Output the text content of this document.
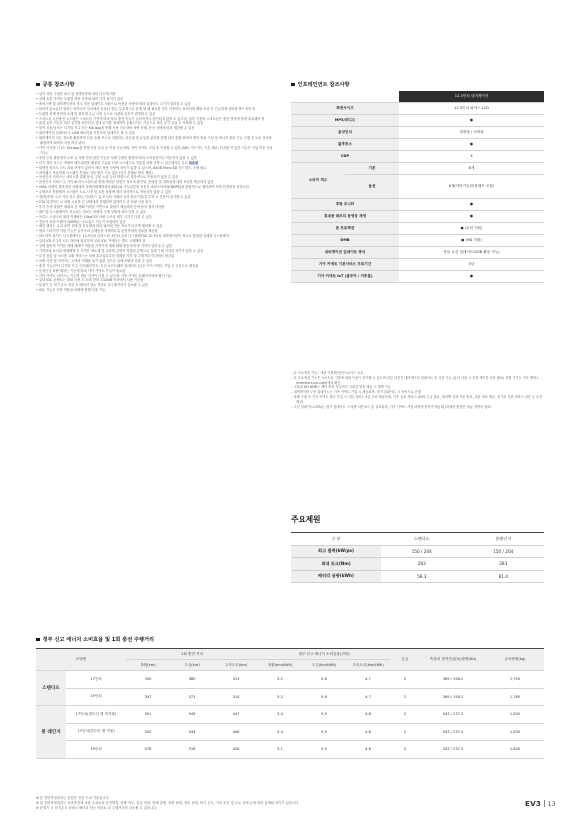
공통 참조사항
• 상기 사양 구성은 최고 및 선택사양에 따라 다르게 적용
• 선택 옵션 가격은 트림별 적용 사양에 따라 가격 차이가 있음
• 플러스팩 및 내비게이션의 경우 자동 업데이트 지원으로 적용된 사양에 따라 업데이트 주기가 달라질 수 있음
• 타이어 업소유의 장치는 타이어가 상처에서 손상된 경우, 부분적으로 운행 할 때 필요한 경우 이용하는 장치이며 해당 조치 후 긴급하게 정비를 받으셔야 함
• 트림별 선택 품목의 소재 및 원자재 수급 사정 등으로 사양의 일부가 변경될 수 있음
• 스마트폰 무선충전 시스템은 스마트폰 기종에 따라 불도 충전 속도가 늦어지거나 충전되지 않을 수 있으며, 일부 기종의 스마트폰은 충전 영역에 맞게 위치해야 함
• 흡입 공조 기능은 외부 공기를 차단하고 실내 공기를 정화하여 순환시키는 기능으로 외부 공기 유입 시 저하될 수 있음
• 원격 시동/공조는 디지털 키 2 또는 Kia App을 통해 사용 가능하며 차량 상태, 통신 상태에 따라 제한될 수 있음
• 내비게이션 업데이트는 USB 메모리를 이용하여 업데이트 할 수 있음
• 내비게이션 지도 정보를 활용하여 다음 순환 모드로 전환하는 의무권 및 유입물 관리를 통해 관리 통합 최적의 제어 장치 구성 및 에너지 관리 기능 주행 중 도로 정보를 활용하여 최적의 사용 여건 관리
• 가이 디지털 키 2는 Kia App을 통해 사용 등록 후 이용 가능하며, 가이 커넥트 가입 후 이용할 수 있음 (NFC 카드키는 기본 제공, 디지털 키 일부 기능은 가입 이후 사용 가능)
• 후방 주차 충돌방지 보조 등 차량 안전 관련 기능은 차량 주변의 환경에 따라 오작동하거나 작동하지 않을 수 있음
• 터프 멀티 모드는 차량의 매트워킹을 활용한 고효율 난방 시스템으로 겨울철 차량 난방 시 실주행거리 감소 최소화
• 릴렉션 컴포트 시트 파워 쿠션이 있어서 세부 적용 사양에 차이가 있을 수 있으며, 64GB Micro SD 카드 별도 구매 필요
• 하이패스 자동결제 시스템은 통행료 자동 할인 기능 없음 (일부 통행료 할인 제외)
• 음성인식 서비스는 서비스를 위해 통신, 주변 소음 등의 영향으로 정상적으로 작동하지 않을 수 있음
• 음성인식 서비스 등 가이 AI 어시스턴트를 통해 생성된 답변은 정보의 완전성, 신뢰성 및 정확성에 대한 보증을 제공하지 않음
• VSM: 차체자 불안정한 상황에서 차체자세제어장치(ESC)와 속도감응형 전동식 파워스티어링(MDPS)을 통합적으로 제어하여 조향 안정성을 향상시킴
• 주행보조 통합제어 시스템은 도로 사정 및 교통 상황에 따라 정상적으로 작동하지 않을 수 있음
• 전/측/후방 주차 거리 경고 센서, 서라운드 뷰 모니터 카메라 등의 장치 이물질 부착 시 작동이 불가할 수 있음
• OTA 업데이트 시 차량 시동을 끈 상태에서 진행되며 업데이트 중 차량 사용 불가
• 후석 승객 알림은 뒷좌석 문 개폐 이력을 기반으로 알림이 제공되며 승객 탐지 센서 미적용
• 헤드업 디스플레이의 표시되는 정보는 차량의 주행 상태에 따라 다를 수 있음
• 프론트 트렁크의 최대 적재량은 10kg이며 차량 구조상 세부 크기가 다를 수 있음
• 전동식 파킹 브레이크(EPB)는 오토홀드 기능이 포함되어 있음
• 레인 센서는 유리 표면 상태 및 강우량에 따라 와이퍼 작동 속도가 다르게 제어될 수 있음
• 에코 드라이빙 지원 기능은 급가속과 급제동을 자제하도록 운전자에게 정보를 제공함
• 파노라믹 와이드 디스플레이는 12.3인치 클러스터, 5인치 공조 디스플레이와 12.3인치 내비게이션이 하나로 통합된 일체형 디스플레이
• 실내 V2L은 2열 시트 하단에 위치하며 실외 V2L 커넥터는 별도 구매해야 함
• 선택 품목의 가격은 세제 혜택이 적용된 가격이며 세제 혜택 변동에 따라 가격이 달라질 수 있음
• 가격표에 표시된 세제혜택 후 가격은 개소세 및 교육세 감면이 적용된 금액으로 실제 구매 가격과 차이가 있을 수 있음
• 무상 점검 및 소모품 교환 서비스는 차량 출고일로부터 정해진 기간 및 주행거리 이내에서 제공됨
• 차량 사진 및 이미지는 고객의 이해를 돕기 위한 것으로 실제 차량과 다를 수 있음
• 충전 기능(가이 디지털 키 2, 인포테인먼트, 무선 소프트웨어 업데이트 등)은 가이 커넥트 가입 시 무상으로 제공됨
• 음성인식 차량 제어는 기능에 따라 가이 커넥트 가입이 필요함
• 가이 커넥트 서비스는 기능별 제공 기간이 다를 수 있으며, 가이 커넥트 홈페이지에서 확인 가능
• 실내 V2L 콘센트는 최대 사용 시 소비 전력 3.52kW 이하에서 사용 가능함
• 동절기 등 외기 온도 하강 시 배터리 성능 저하로 실주행거리가 감소될 수 있음
• V2L 기능은 사양 적용된 차량에 한해 사용 가능
인포테인먼트 참조사항
		12.3인치 내비게이션
화면사이즈		12.3인치 와이드 LCD
MP3/라디오		●
음성인식		내장형 / 서버형
블루투스		●
CDP		X
스피커 개수	기본	6개
	옵션	8개(하만카돈/외장앰프 포함)
후방 모니터		●
휴대용 메모리 동영상 재생		●
폰 프로젝션		● (무선 지원)
DMB		● (HD 지원)
내비게이션 업데이트 방식		자동 무선 업데이트(USB 활용 가능)
기아 커넥트 기본서비스 무료기간		5년
기아 커넥트 IoT (홈투카 / 카투홈)		●
– 폰 프로젝션 기능 : 애플 카플레이/안드로이드 오토
– 폰 프로젝션 기능은 스마트폰 기종에 따라 이용이 불가할 수 있으며 일부 차종은 내비게이션 업데이트 후 사용 가능 (유선 사용 시 전용 케이블 사용 필요) 지원 기기는 기아 멤버스(members.kia.com)에서 확인
– 고화질 HD DMB는 해당 방송 사업자가 고화질 방송 제공 시 재생 가능
– 내비게이션 무선 업데이트는 기아 커넥트 가입 시 제공되며, 정기 업데이트 시 자동으로 진행
– 차량 구매 후 기아 커넥트 최초 가입 시 기본 서비스 5년 무료 제공되며, 이후 유료 서비스 (SOS 긴급 출동, 에어백 전개 자동 통보, 교통 정보 제공, 전기차 특화 서비스 일부 등 무상 제공)
– 무선 업데이트(OTA)는 정기 업데이트 시 차량 다운로드 및 설치되며, 기아 커넥트 가입 차량에 한하여 제공됨 (자세한 방법은 취급 설명서 참조)
주요제원
구 분	스탠다드	롱레인지
최고 출력(kW/ps)	150 / 204	150 / 204
최대 토크(Nm)	283	283
배터리 용량(kWh)	58.3	81.4
정부 신고 에너지 소비효율 및 1회 충전 주행거리
모델명		1회 충전 거리			정부 신고 에너지 소비효율(전비)			등급	측정치 정격전압(V)/용량(Ah)	공차중량(kg)
		복합(km)	도심(km)	고속도로(km)	복합(km/kWh)	도심(km/kWh)	고속도로(km/kWh)			
스탠다드	17인치	350	380	313	5.2	5.6	4.7	2	369 / 158.2	1,750
	19인치	347	373	314	5.2	5.6	4.7	2	369 / 158.2	1,765
롱 레인지	17인치(빌트인 캠 미적용)	501	545	447	5.4	5.9	4.8	2	343 / 237.3	1,835
	17인치(빌트인 캠 적용)	500	544	446	5.4	5.9	4.8	2	343 / 237.3	1,835
	19인치	478	518	428	5.1	5.5	4.6	2	343 / 237.3	1,850
※ 본 전비측정결과는 산업부 인증 수치 기준입니다.
※ 위 전비측정결과는 표준조건에 의한 수치로서 운전방법, 차량 속도, 업습 인원, 적재 중량, 차량 상태, 정비 상태, 외기 온도, 기상 조건 및 도로 상태 등에 따라 실제와 차이가 있습니다.
※ 동절기 등 외기온도 하락시 배터리 성능 저하로 실 주행거리가 감소될 수 있습니다.	EV3 13
